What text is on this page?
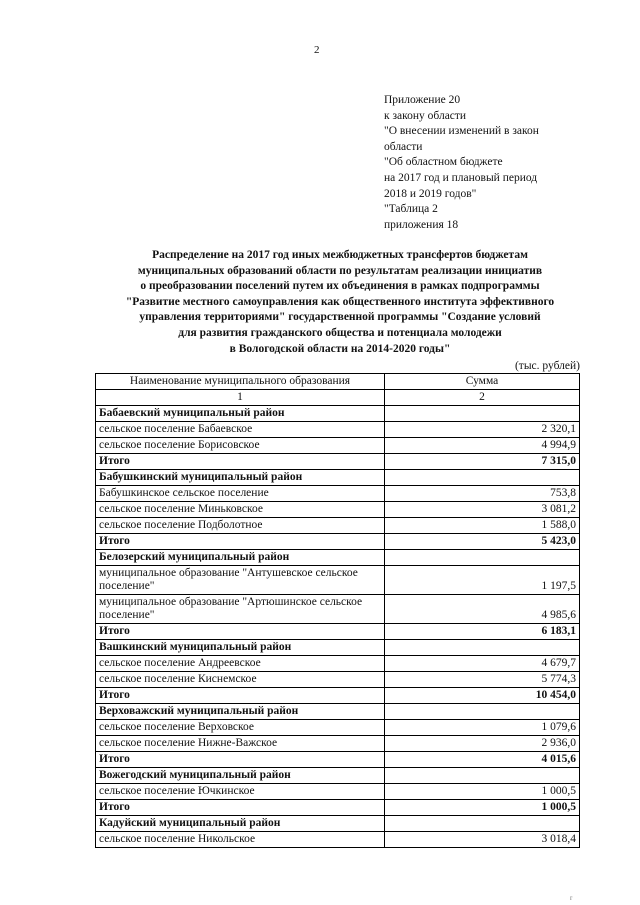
2
Приложение 20
к закону области
"О внесении изменений в закон
области
"Об областном бюджете
на 2017 год и плановый период
2018 и 2019 годов"
"Таблица 2
приложения 18
Распределение на 2017 год иных межбюджетных трансфертов бюджетам
муниципальных образований области по результатам реализации инициатив
о преобразовании поселений путем их объединения в рамках подпрограммы
"Развитие местного самоуправления как общественного института эффективного
управления территориями" государственной программы "Создание условий
для развития гражданского общества и потенциала молодежи
в Вологодской области на 2014-2020 годы"
(тыс. рублей)
Наименование муниципального образования	Сумма
1	2
Бабаевский муниципальный район	
сельское поселение Бабаевское	2 320,1
сельское поселение Борисовское	4 994,9
Итого	7 315,0
Бабушкинский муниципальный район	
Бабушкинское сельское поселение	753,8
сельское поселение Миньковское	3 081,2
сельское поселение Подболотное	1 588,0
Итого	5 423,0
Белозерский муниципальный район	
муниципальное образование "Антушевское сельское поселение"	1 197,5
муниципальное образование "Артюшинское сельское поселение"	4 985,6
Итого	6 183,1
Вашкинский муниципальный район	
сельское поселение Андреевское	4 679,7
сельское поселение Киснемское	5 774,3
Итого	10 454,0
Верховажский муниципальный район	
сельское поселение Верховское	1 079,6
сельское поселение Нижне-Важское	2 936,0
Итого	4 015,6
Вожегодский муниципальный район	
сельское поселение Ючкинское	1 000,5
Итого	1 000,5
Кадуйский муниципальный район	
сельское поселение Никольское	3 018,4
r
